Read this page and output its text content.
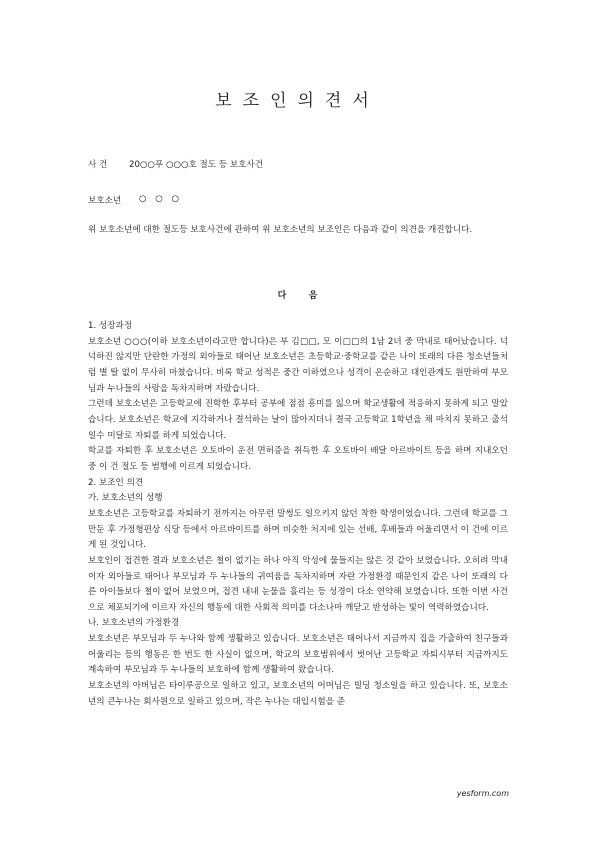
보조인의견서
사 건	20○○푸 ○○○호 절도 등 보호사건
보호소년 ○ ○ ○
위 보호소년에 대한 절도등 보호사건에 관하여 위 보호소년의 보조인은 다음과 같이 의견을 개진합니다.
다 음

1. 성장과정

보호소년 ○○○(이하 보호소년이라고만 합니다)은 부 김□□, 모 이□□의 1남 2녀 중 막내로 태어났습니다. 넉넉하진 않지만 단란한 가정의 외아들로 태어난 보호소년은 초등학교·중학교를 같은 나이 또래의 다른 청소년들처럼 별 탈 없이 무사히 마쳤습니다. 비록 학교 성적은 중간 이하였으나 성격이 온순하고 대인관계도 원만하여 부모님과 누나들의 사랑을 독차지하며 자랐습니다.

그런데 보호소년은 고등학교에 진학한 후부터 공부에 점점 흥미를 잃으며 학교생활에 적응하지 못하게 되고 말았습니다. 보호소년은 학교에 지각하거나 결석하는 날이 많아지더니 결국 고등학교 1학년을 채 마치지 못하고 출석일수 미달로 자퇴를 하게 되었습니다.

학교를 자퇴한 후 보호소년은 오토바이 운전 면허증을 취득한 후 오토바이 배달 아르바이트 등을 하며 지내오던 중 이 건 절도 등 범행에 이르게 되었습니다.

2. 보조인 의견

가. 보호소년의 성행

보호소년은 고등학교를 자퇴하기 전까지는 아무런 말썽도 일으키지 않던 착한 학생이었습니다. 그런데 학교를 그만둔 후 가정형편상 식당 등에서 아르바이트를 하며 비슷한 처지에 있는 선배, 후배들과 어울리면서 이 건에 이르게 된 것입니다.

보호인이 접견한 결과 보호소년은 철이 없기는 하나 아직 악성에 물들지는 않은 것 같아 보였습니다. 오히려 막내이자 외아들로 태어나 부모님과 두 누나들의 귀여움을 독차지하며 자란 가정환경 때문인지 같은 나이 또래의 다른 아이들보다 철이 없어 보였으며, 접견 내내 눈물을 흘리는 등 성경이 다소 연약해 보였습니다. 또한 이번 사건으로 체포되기에 이르자 자신의 행동에 대한 사회적 의미를 다소나마 깨닫고 반성하는 빛이 역력하였습니다.

나. 보호소년의 가정환경

보호소년은 부모님과 두 누나와 함께 생활하고 있습니다. 보호소년은 태어나서 지금까지 집을 가출하여 친구들과 어울리는 등의 행동은 한 번도 한 사실이 없으며, 학교의 보호범위에서 벗어난 고등학교 자퇴시부터 지금까지도 계속하여 부모님과 두 누나들의 보호하에 함께 생활하여 왔습니다.

보호소년의 아버님은 타이루공으로 일하고 있고, 보호소년의 어머님은 빌딩 청소일을 하고 있습니다. 또, 보호소년의 큰누나는 회사원으로 일하고 있으며, 작은 누나는 대입시험을 준

yesform.com
